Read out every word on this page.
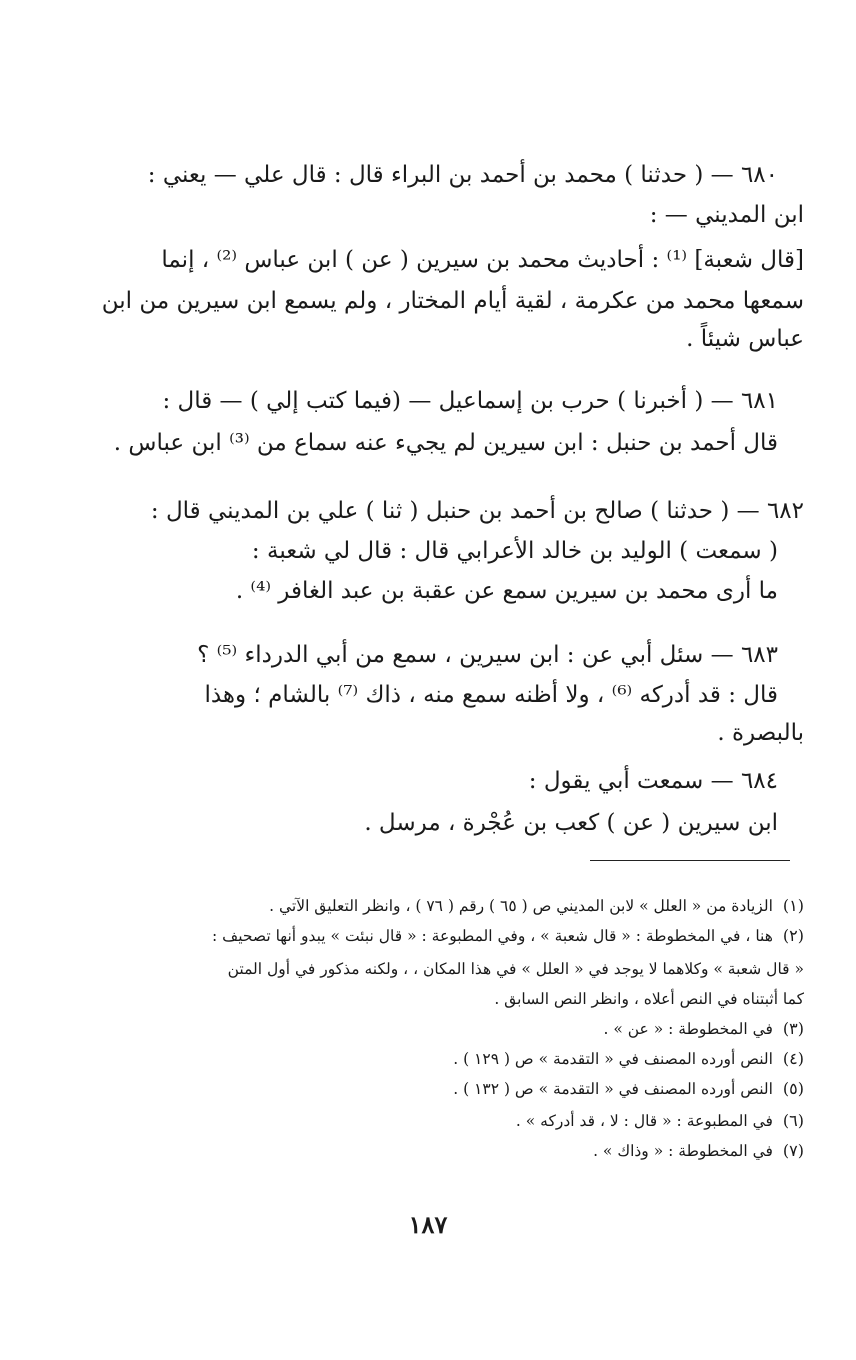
٦٨٠ — ( حدثنا ) محمد بن أحمد بن البراء قال : قال علي — يعني :
ابن المديني — :
[قال شعبة] ⁽¹⁾ : أحاديث محمد بن سيرين ( عن ) ابن عباس ⁽²⁾ ، إنما
سمعها محمد من عكرمة ، لقية أيام المختار ، ولم يسمع ابن سيرين من ابن
عباس شيئاً .
٦٨١ — ( أخبرنا ) حرب بن إسماعيل — (فيما كتب إلي ) — قال :
قال أحمد بن حنبل : ابن سيرين لم يجيء عنه سماع من ⁽³⁾ ابن عباس .
٦٨٢ — ( حدثنا ) صالح بن أحمد بن حنبل ( ثنا ) علي بن المديني قال :
( سمعت ) الوليد بن خالد الأعرابي قال : قال لي شعبة :
ما أرى محمد بن سيرين سمع عن عقبة بن عبد الغافر ⁽⁴⁾ .
٦٨٣ — سئل أبي عن : ابن سيرين ، سمع من أبي الدرداء ⁽⁵⁾ ؟
قال : قد أدركه ⁽⁶⁾ ، ولا أظنه سمع منه ، ذاك ⁽⁷⁾ بالشام ؛ وهذا
بالبصرة .
٦٨٤ — سمعت أبي يقول :
ابن سيرين ( عن ) كعب بن عُجْرة ، مرسل .
(١)الزيادة من « العلل » لابن المديني ص ( ٦٥ ) رقم ( ٧٦ ) ، وانظر التعليق الآتي .
(٢)هنا ، في المخطوطة : « قال شعبة » ، وفي المطبوعة : « قال نبئت » يبدو أنها تصحيف :
« قال شعبة » وكلاهما لا يوجد في « العلل » في هذا المكان ، ، ولكنه مذكور في أول المتن
كما أثبتناه في النص أعلاه ، وانظر النص السابق .
(٣)في المخطوطة : « عن » .
(٤)النص أورده المصنف في « التقدمة » ص ( ١٢٩ ) .
(٥)النص أورده المصنف في « التقدمة » ص ( ١٣٢ ) .
(٦)في المطبوعة : « قال : لا ، قد أدركه » .
(٧)في المخطوطة : « وذاك » .
١٨٧
